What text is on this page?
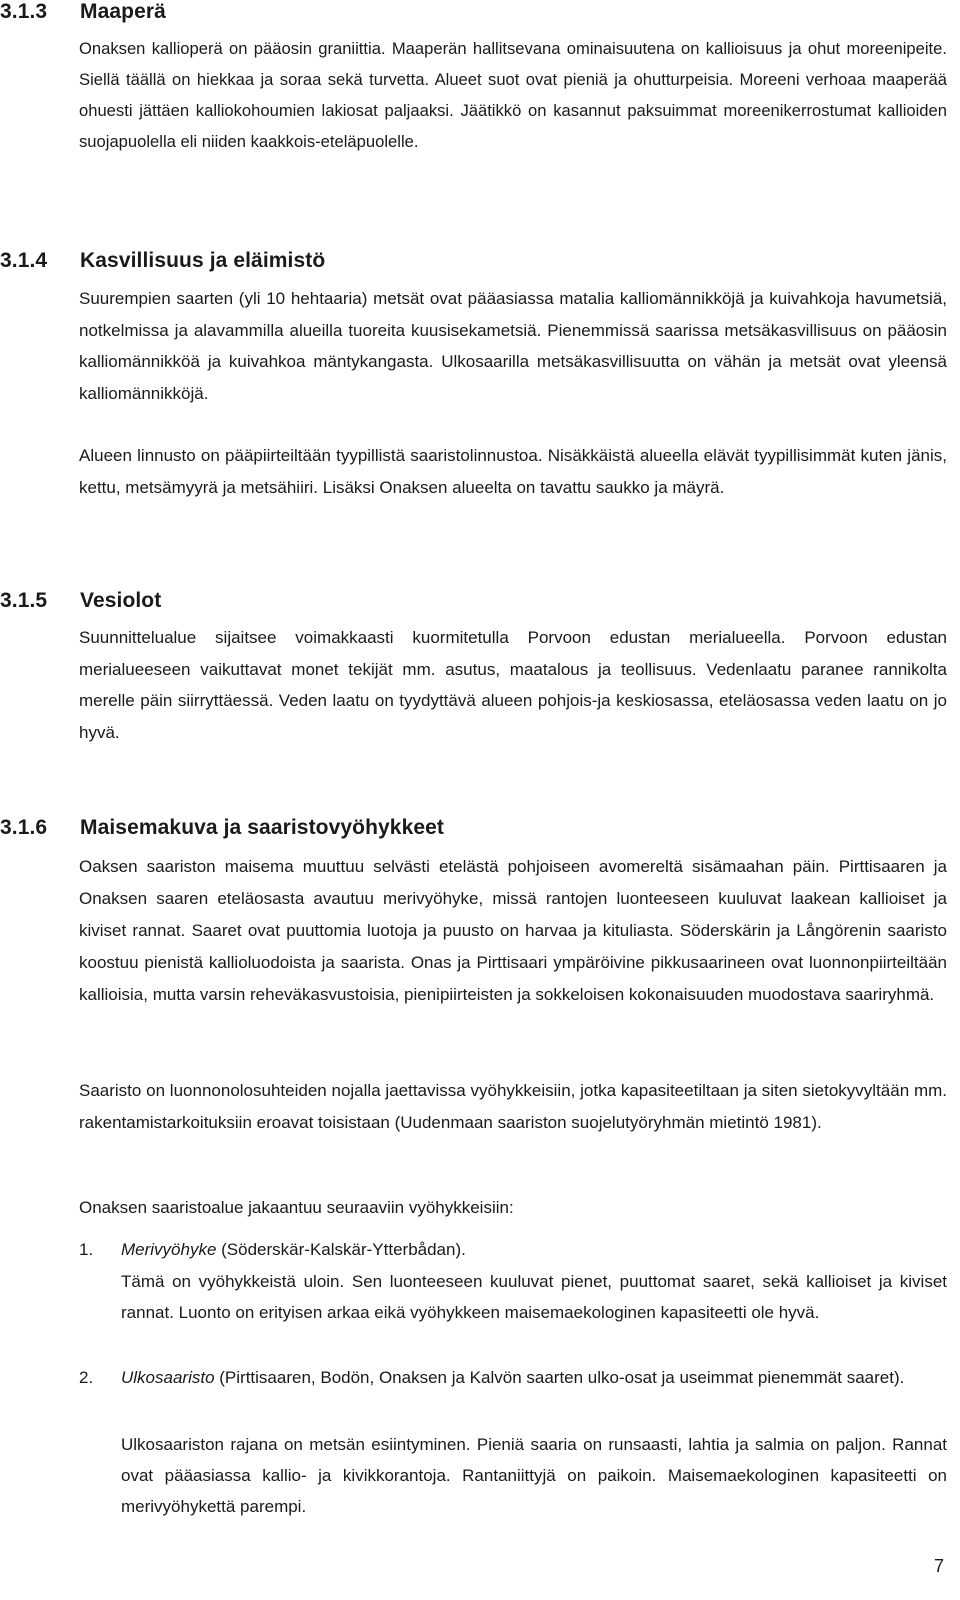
3.1.3 Maaperä

Onaksen kallioperä on pääosin graniittia. Maaperän hallitsevana ominaisuutena on kallioisuus ja ohut moreenipeite. Siellä täällä on hiekkaa ja soraa sekä turvetta. Alueet suot ovat pieniä ja ohutturpeisia. Moreeni verhoaa maaperää ohuesti jättäen kalliokohoumien lakiosat paljaaksi. Jäätikkö on kasannut paksuimmat moreenikerrostumat kallioiden suojapuolella eli niiden kaakkois-eteläpuolelle.

3.1.4 Kasvillisuus ja eläimistö

Suurempien saarten (yli 10 hehtaaria) metsät ovat pääasiassa matalia kalliomännikköjä ja kuivahkoja havumetsiä, notkelmissa ja alavammilla alueilla tuoreita kuusisekametsiä. Pienemmissä saarissa metsäkasvillisuus on pääosin kalliomännikköä ja kuivahkoa mäntykangasta. Ulkosaarilla metsäkasvillisuutta on vähän ja metsät ovat yleensä kalliomännikköjä.

Alueen linnusto on pääpiirteiltään tyypillistä saaristolinnustoa. Nisäkkäistä alueella elävät tyypillisimmät kuten jänis, kettu, metsämyyrä ja metsähiiri. Lisäksi Onaksen alueelta on tavattu saukko ja mäyrä.

3.1.5 Vesiolot

Suunnittelualue sijaitsee voimakkaasti kuormitetulla Porvoon edustan merialueella. Porvoon edustan merialueeseen vaikuttavat monet tekijät mm. asutus, maatalous ja teollisuus. Vedenlaatu paranee rannikolta merelle päin siirryttäessä. Veden laatu on tyydyttävä alueen pohjois-ja keskiosassa, eteläosassa veden laatu on jo hyvä.

3.1.6 Maisemakuva ja saaristovyöhykkeet

Oaksen saariston maisema muuttuu selvästi etelästä pohjoiseen avomereltä sisämaahan päin. Pirttisaaren ja Onaksen saaren eteläosasta avautuu merivyöhyke, missä rantojen luonteeseen kuuluvat laakean kallioiset ja kiviset rannat. Saaret ovat puuttomia luotoja ja puusto on harvaa ja kituliasta. Söderskärin ja Långörenin saaristo koostuu pienistä kallioluodoista ja saarista. Onas ja Pirttisaari ympäröivine pikkusaarineen ovat luonnonpiirteiltään kallioisia, mutta varsin reheväkasvustoisia, pienipiirteisten ja sokkeloisen kokonaisuuden muodostava saariryhmä.

Saaristo on luonnonolosuhteiden nojalla jaettavissa vyöhykkeisiin, jotka kapasiteetiltaan ja siten sietokyvyltään mm. rakentamistarkoituksiin eroavat toisistaan (Uudenmaan saariston suojelutyöryhmän mietintö 1981).

Onaksen saaristoalue jakaantuu seuraaviin vyöhykkeisiin:

1. Merivyöhyke (Söderskär-Kalskär-Ytterbådan).

Tämä on vyöhykkeistä uloin. Sen luonteeseen kuuluvat pienet, puuttomat saaret, sekä kallioiset ja kiviset rannat. Luonto on erityisen arkaa eikä vyöhykkeen maisemaekologinen kapasiteetti ole hyvä.

2. Ulkosaaristo (Pirttisaaren, Bodön, Onaksen ja Kalvön saarten ulko-osat ja useimmat pienemmät saaret).

Ulkosaariston rajana on metsän esiintyminen. Pieniä saaria on runsaasti, lahtia ja salmia on paljon. Rannat ovat pääasiassa kallio- ja kivikkorantoja. Rantaniittyjä on paikoin. Maisemaekologinen kapasiteetti on merivyöhykettä parempi.

7
